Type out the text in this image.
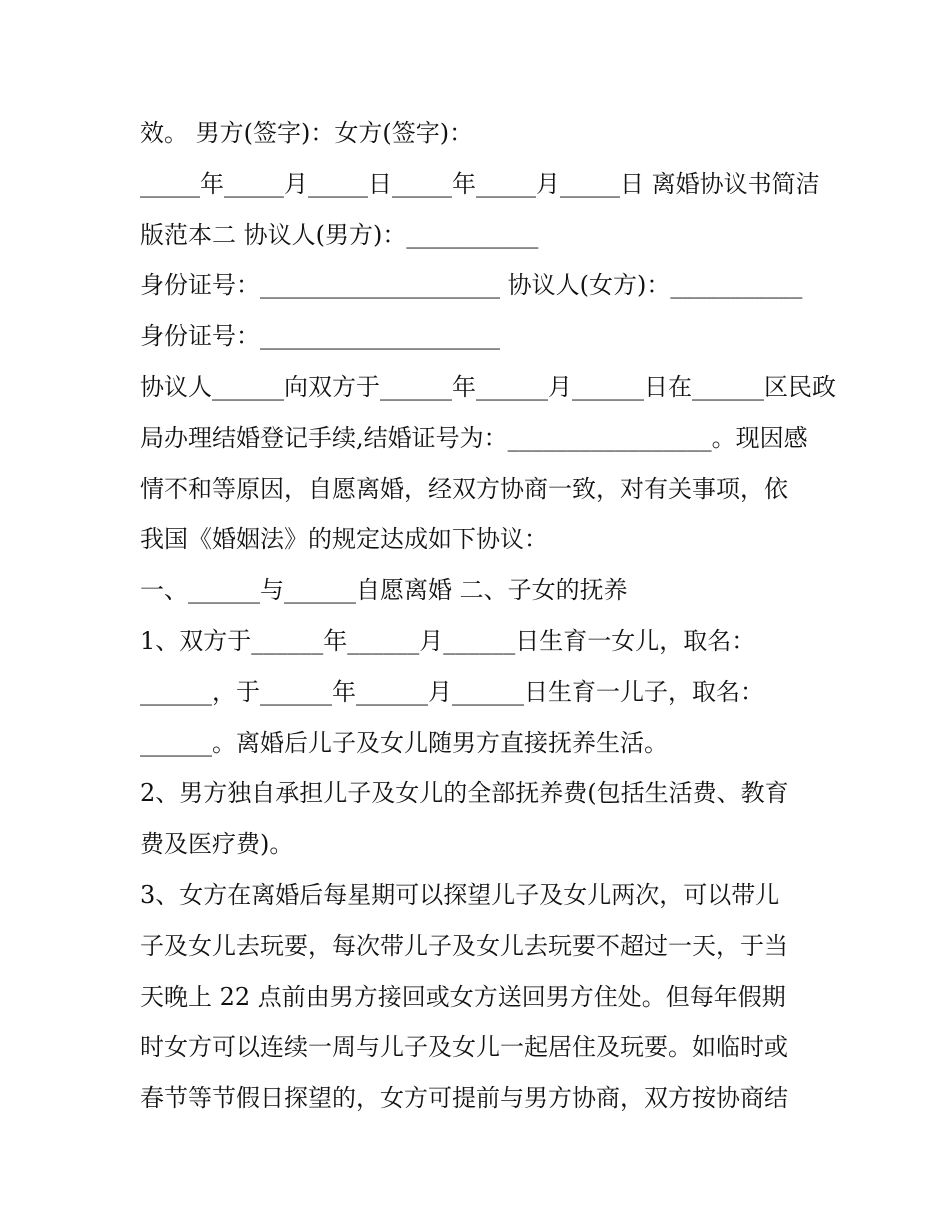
效。 男方(签字)：女方(签字)：
_____年_____月_____日_____年_____月_____日 离婚协议书简洁
版范本二 协议人(男方)：___________
身份证号：____________________ 协议人(女方)：___________
身份证号：____________________
协议人______向双方于______年______月______日在______区民政
局办理结婚登记手续,结婚证号为：_________________。现因感
情不和等原因，自愿离婚，经双方协商一致，对有关事项，依
我国《婚姻法》的规定达成如下协议：
一、______与______自愿离婚 二、子女的抚养
1、双方于______年______月______日生育一女儿，取名：
______，于______年______月______日生育一儿子，取名：
______。离婚后儿子及女儿随男方直接抚养生活。
2、男方独自承担儿子及女儿的全部抚养费(包括生活费、教育
费及医疗费)。
3、女方在离婚后每星期可以探望儿子及女儿两次，可以带儿
子及女儿去玩要，每次带儿子及女儿去玩要不超过一天，于当
天晚上 22 点前由男方接回或女方送回男方住处。但每年假期
时女方可以连续一周与儿子及女儿一起居住及玩要。如临时或
春节等节假日探望的，女方可提前与男方协商，双方按协商结
